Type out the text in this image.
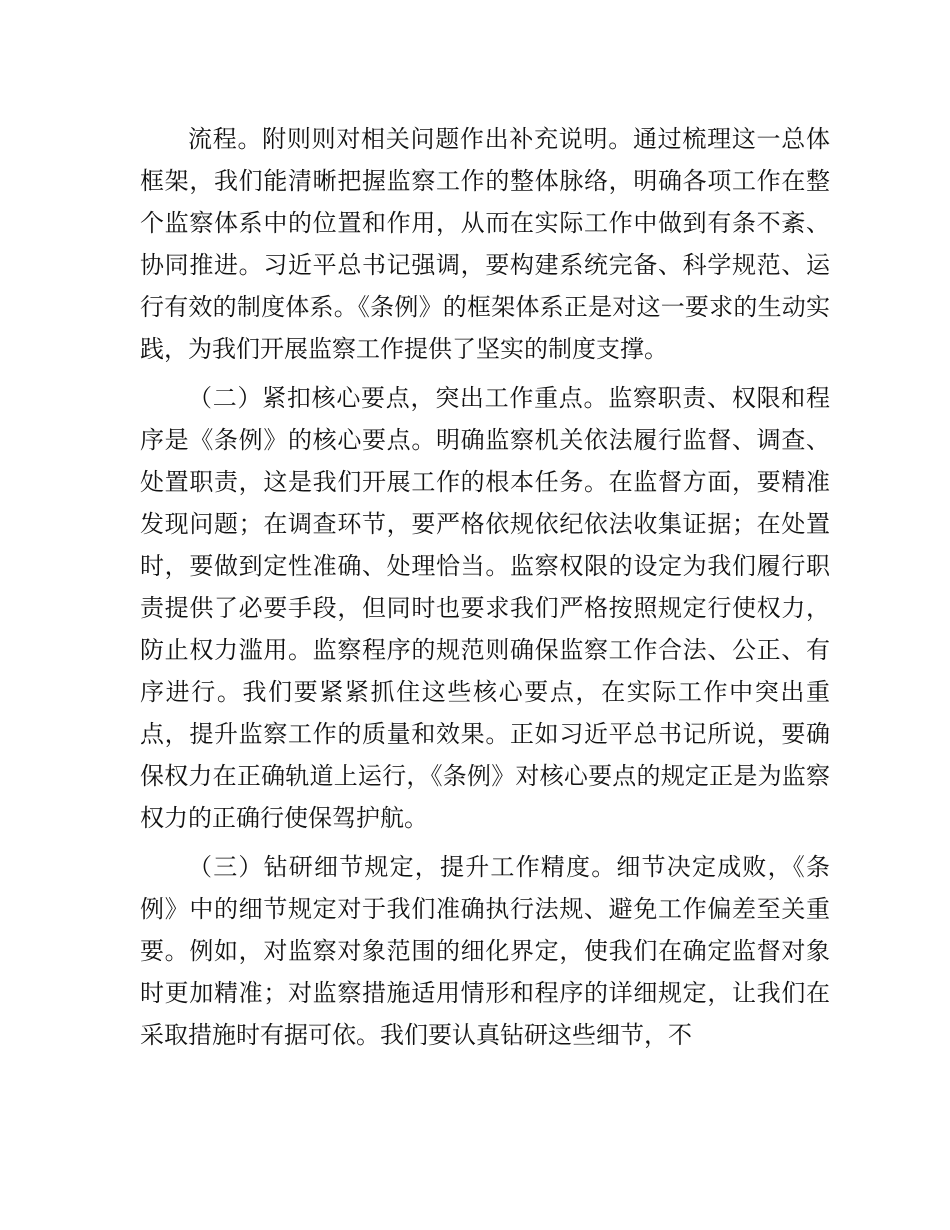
流程。附则则对相关问题作出补充说明。通过梳理这一总体框架，我们能清晰把握监察工作的整体脉络，明确各项工作在整个监察体系中的位置和作用，从而在实际工作中做到有条不紊、协同推进。习近平总书记强调，要构建系统完备、科学规范、运行有效的制度体系。《条例》的框架体系正是对这一要求的生动实践，为我们开展监察工作提供了坚实的制度支撑。

（二）紧扣核心要点，突出工作重点。监察职责、权限和程序是《条例》的核心要点。明确监察机关依法履行监督、调查、处置职责，这是我们开展工作的根本任务。在监督方面，要精准发现问题；在调查环节，要严格依规依纪依法收集证据；在处置时，要做到定性准确、处理恰当。监察权限的设定为我们履行职责提供了必要手段，但同时也要求我们严格按照规定行使权力，防止权力滥用。监察程序的规范则确保监察工作合法、公正、有序进行。我们要紧紧抓住这些核心要点，在实际工作中突出重点，提升监察工作的质量和效果。正如习近平总书记所说，要确保权力在正确轨道上运行，《条例》对核心要点的规定正是为监察权力的正确行使保驾护航。

（三）钻研细节规定，提升工作精度。细节决定成败，《条例》中的细节规定对于我们准确执行法规、避免工作偏差至关重要。例如，对监察对象范围的细化界定，使我们在确定监督对象时更加精准；对监察措施适用情形和程序的详细规定，让我们在采取措施时有据可依。我们要认真钻研这些细节，不
